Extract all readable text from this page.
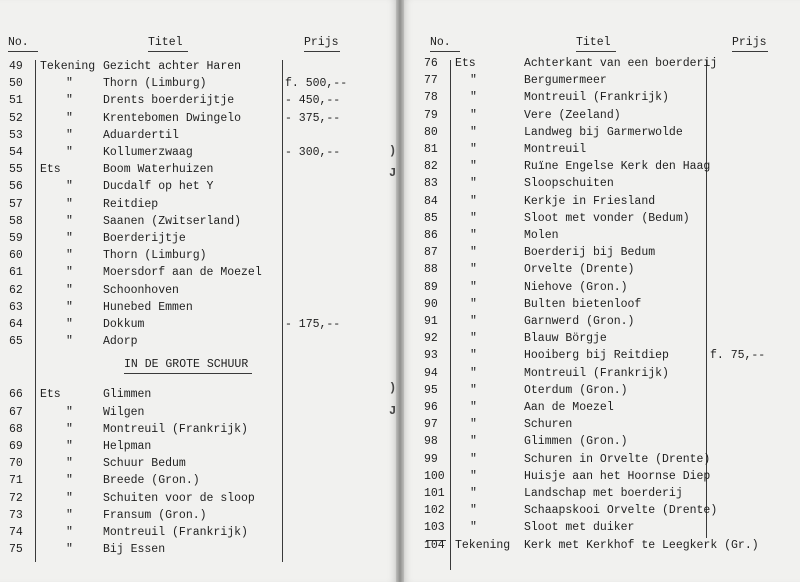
No.	Titel	Prijs
IN DE GROTE SCHUUR
49	Tekening Gezicht achter Haren
50	"	Thorn (Limburg)	f. 500,--
51	"	Drents boerderijtje	- 450,--
52	"	Krentebomen Dwingelo	- 375,--
53	"	Aduardertil
54	"	Kollumerzwaag	- 300,--
55	Ets	Boom Waterhuizen
56	"	Ducdalf op het Y
57	"	Reitdiep
58	"	Saanen (Zwitserland)
59	"	Boerderijtje
60	"	Thorn (Limburg)
61	"	Moersdorf aan de Moezel
62	"	Schoonhoven
63	"	Hunebed Emmen
64	"	Dokkum	- 175,--
65	"	Adorp
66	Ets	Glimmen
67	"	Wilgen
68	"	Montreuil (Frankrijk)
69	"	Helpman
70	"	Schuur Bedum
71	"	Breede (Gron.)
72	"	Schuiten voor de sloop
73	"	Fransum (Gron.)
74	"	Montreuil (Frankrijk)
75	"	Bij Essen
No.	Titel	Prijs
76	Ets	Achterkant van een boerderij
77	"	Bergumermeer
78	"	Montreuil (Frankrijk)
79	"	Vere (Zeeland)
80	"	Landweg bij Garmerwolde
81	"	Montreuil
82	"	Ruïne Engelse Kerk den Haag
83	"	Sloopschuiten
84	"	Kerkje in Friesland
85	"	Sloot met vonder (Bedum)
86	"	Molen
87	"	Boerderij bij Bedum
88	"	Orvelte (Drente)
89	"	Niehove (Gron.)
90	"	Bulten bietenloof
91	"	Garnwerd (Gron.)
92	"	Blauw Börgje
93	"	Hooiberg bij Reitdiep	f. 75,--
94	"	Montreuil (Frankrijk)
95	"	Oterdum (Gron.)
96	"	Aan de Moezel
97	"	Schuren
98	"	Glimmen (Gron.)
99	"	Schuren in Orvelte (Drente)
100	"	Huisje aan het Hoornse Diep
101	"	Landschap met boerderij
102	"	Schaapskooi Orvelte (Drente)
103	"	Sloot met duiker
104 Tekening Kerk met Kerkhof te Leegkerk (Gr.)
)
J
)
J
